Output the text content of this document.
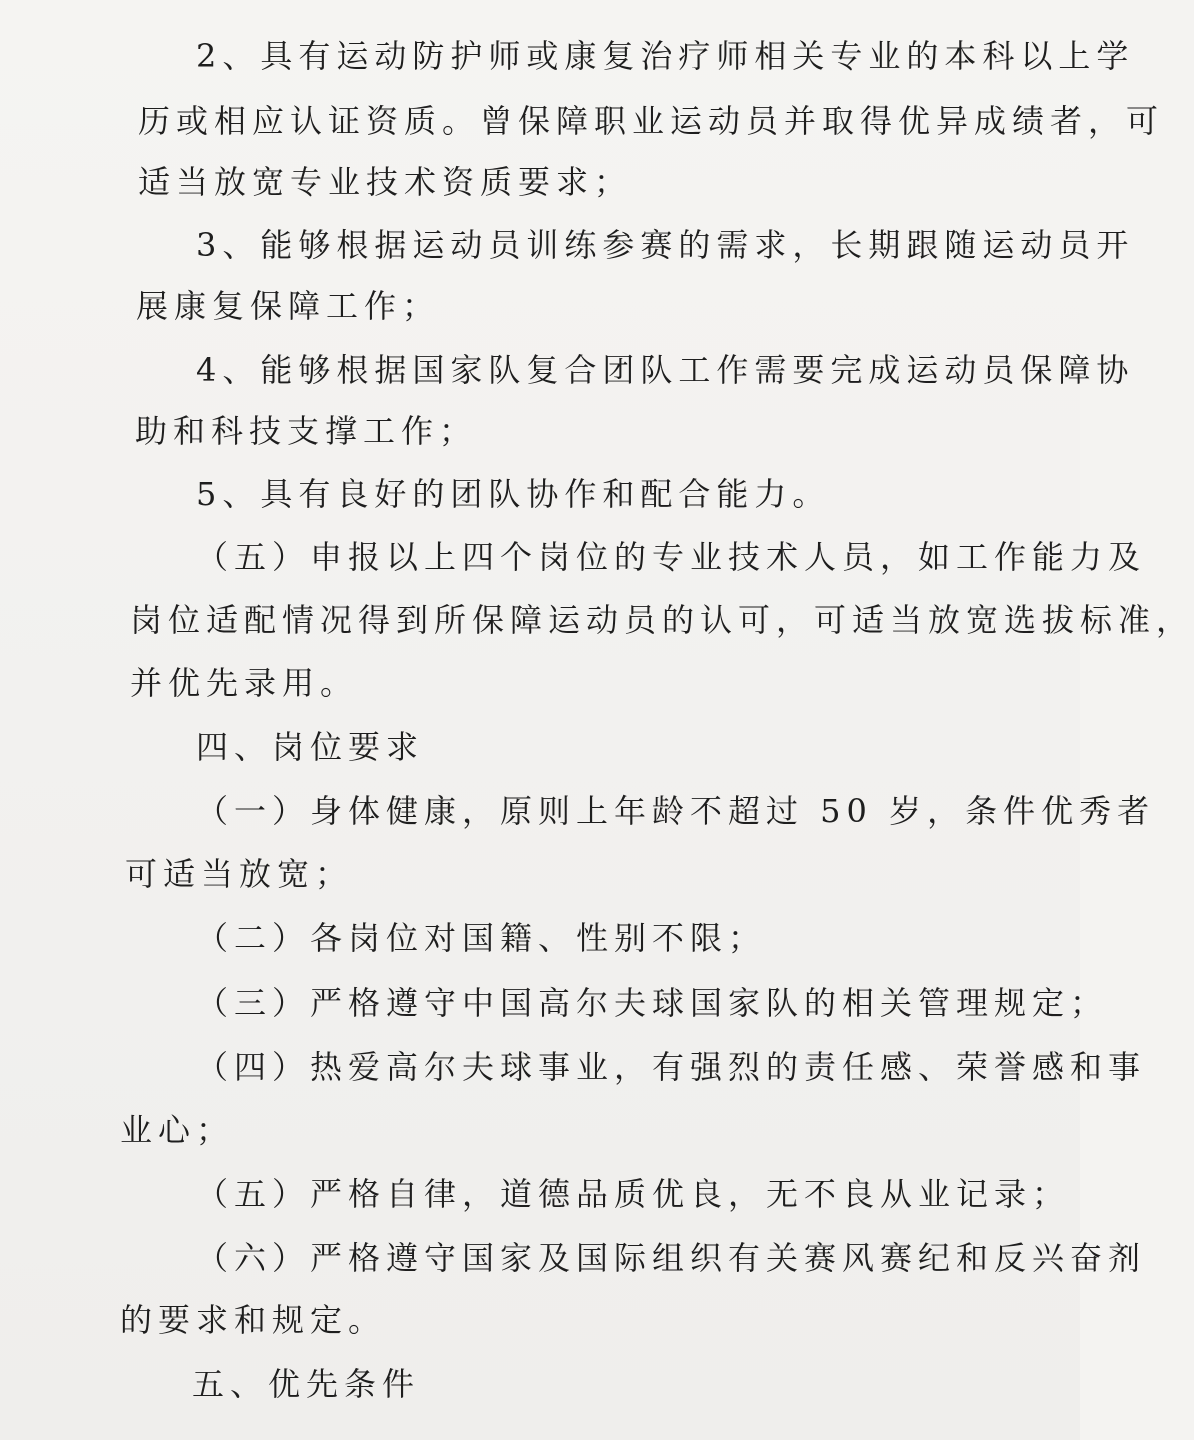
2、具有运动防护师或康复治疗师相关专业的本科以上学
历或相应认证资质。曾保障职业运动员并取得优异成绩者，可
适当放宽专业技术资质要求；
3、能够根据运动员训练参赛的需求，长期跟随运动员开
展康复保障工作；
4、能够根据国家队复合团队工作需要完成运动员保障协
助和科技支撑工作；
5、具有良好的团队协作和配合能力。
（五）申报以上四个岗位的专业技术人员，如工作能力及
岗位适配情况得到所保障运动员的认可，可适当放宽选拔标准，
并优先录用。
四、岗位要求
（一）身体健康，原则上年龄不超过 50 岁，条件优秀者
可适当放宽；
（二）各岗位对国籍、性别不限；
（三）严格遵守中国高尔夫球国家队的相关管理规定；
（四）热爱高尔夫球事业，有强烈的责任感、荣誉感和事
业心；
（五）严格自律，道德品质优良，无不良从业记录；
（六）严格遵守国家及国际组织有关赛风赛纪和反兴奋剂
的要求和规定。
五、优先条件
